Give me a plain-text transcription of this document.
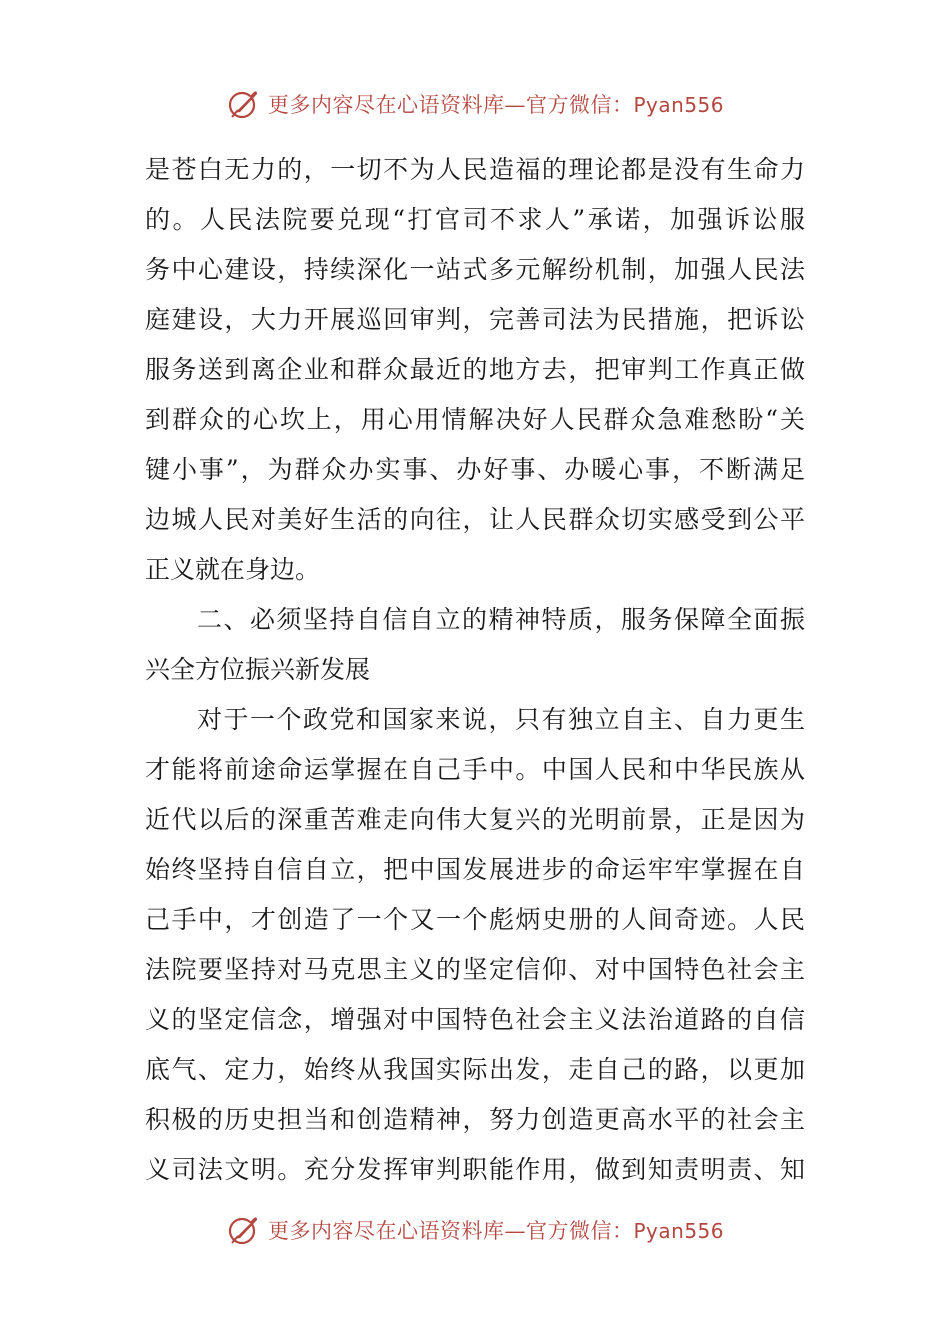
更多内容尽在心语资料库—官方微信：Pyan556
是苍白无力的，一切不为人民造福的理论都是没有生命力
的。人民法院要兑现“打官司不求人”承诺，加强诉讼服
务中心建设，持续深化一站式多元解纷机制，加强人民法
庭建设，大力开展巡回审判，完善司法为民措施，把诉讼
服务送到离企业和群众最近的地方去，把审判工作真正做
到群众的心坎上，用心用情解决好人民群众急难愁盼“关
键小事”，为群众办实事、办好事、办暖心事，不断满足
边城人民对美好生活的向往，让人民群众切实感受到公平
正义就在身边。
二、必须坚持自信自立的精神特质，服务保障全面振
兴全方位振兴新发展
对于一个政党和国家来说，只有独立自主、自力更生
才能将前途命运掌握在自己手中。中国人民和中华民族从
近代以后的深重苦难走向伟大复兴的光明前景，正是因为
始终坚持自信自立，把中国发展进步的命运牢牢掌握在自
己手中，才创造了一个又一个彪炳史册的人间奇迹。人民
法院要坚持对马克思主义的坚定信仰、对中国特色社会主
义的坚定信念，增强对中国特色社会主义法治道路的自信
底气、定力，始终从我国实际出发，走自己的路，以更加
积极的历史担当和创造精神，努力创造更高水平的社会主
义司法文明。充分发挥审判职能作用，做到知责明责、知
更多内容尽在心语资料库—官方微信：Pyan556
